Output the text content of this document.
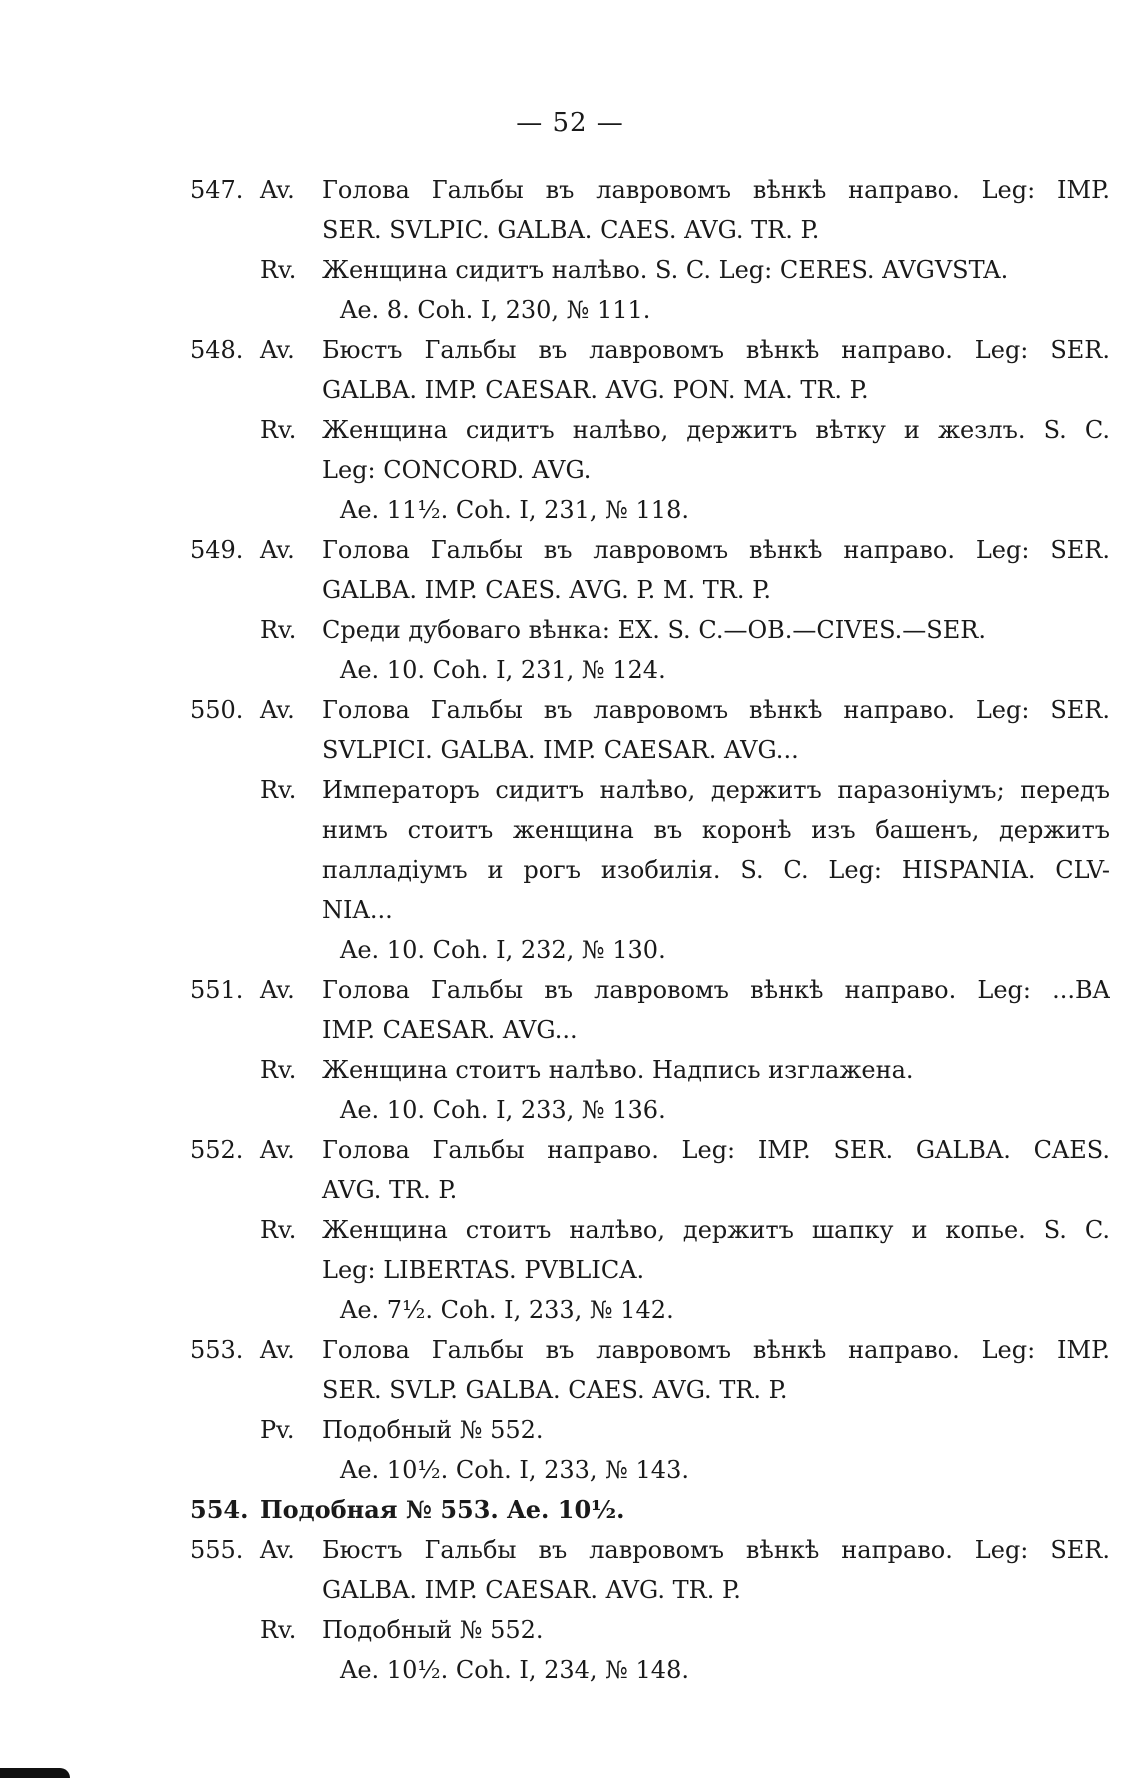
— 52 —
547. Av. Голова Гальбы въ лавровомъ вѣнкѣ направо. Leg: IMP.
SER. SVLPIC. GALBA. CAES. AVG. TR. P.
Rv. Женщина сидитъ налѣво. S. C. Leg: CERES. AVGVSTA.
Ae. 8. Coh. I, 230, № 111.
548. Av. Бюстъ Гальбы въ лавровомъ вѣнкѣ направо. Leg: SER.
GALBA. IMP. CAESAR. AVG. PON. MA. TR. P.
Rv. Женщина сидитъ налѣво, держитъ вѣтку и жезлъ. S. C.
Leg: CONCORD. AVG.
Ae. 11½. Coh. I, 231, № 118.
549. Av. Голова Гальбы въ лавровомъ вѣнкѣ направо. Leg: SER.
GALBA. IMP. CAES. AVG. P. M. TR. P.
Rv. Среди дубоваго вѣнка: EX. S. C.—OB.—CIVES.—SER.
Ae. 10. Coh. I, 231, № 124.
550. Av. Голова Гальбы въ лавровомъ вѣнкѣ направо. Leg: SER.
SVLPICI. GALBA. IMP. CAESAR. AVG...
Rv. Императоръ сидитъ налѣво, держитъ паразоніумъ; передъ
нимъ стоитъ женщина въ коронѣ изъ башенъ, держитъ
палладіумъ и рогъ изобилія. S. C. Leg: HISPANIA. CLV-
NIA...
Ae. 10. Coh. I, 232, № 130.
551. Av. Голова Гальбы въ лавровомъ вѣнкѣ направо. Leg: ...BA
IMP. CAESAR. AVG...
Rv. Женщина стоитъ налѣво. Надпись изглажена.
Ae. 10. Coh. I, 233, № 136.
552. Av. Голова Гальбы направо. Leg: IMP. SER. GALBA. CAES.
AVG. TR. P.
Rv. Женщина стоитъ налѣво, держитъ шапку и копье. S. C.
Leg: LIBERTAS. PVBLICA.
Ae. 7½. Coh. I, 233, № 142.
553. Av. Голова Гальбы въ лавровомъ вѣнкѣ направо. Leg: IMP.
SER. SVLP. GALBA. CAES. AVG. TR. P.
Pv. Подобный № 552.
Ae. 10½. Coh. I, 233, № 143.
554. Подобная № 553. Ae. 10½.
555. Av. Бюстъ Гальбы въ лавровомъ вѣнкѣ направо. Leg: SER.
GALBA. IMP. CAESAR. AVG. TR. P.
Rv. Подобный № 552.
Ae. 10½. Coh. I, 234, № 148.
